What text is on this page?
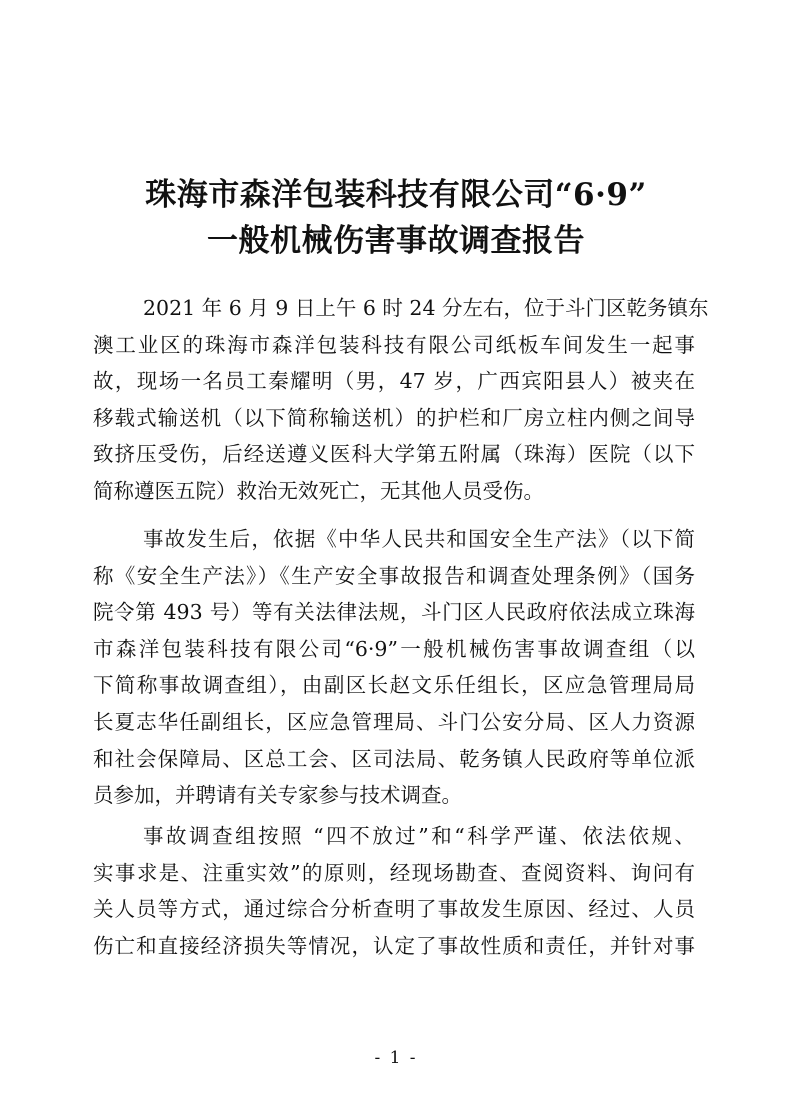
珠海市森洋包装科技有限公司“6·9”
一般机械伤害事故调查报告

2021 年 6 月 9 日上午 6 时 24 分左右，位于斗门区乾务镇东
澳工业区的珠海市森洋包装科技有限公司纸板车间发生一起事
故，现场一名员工秦耀明（男，47 岁，广西宾阳县人）被夹在
移载式输送机（以下简称输送机）的护栏和厂房立柱内侧之间导
致挤压受伤，后经送遵义医科大学第五附属（珠海）医院（以下
简称遵医五院）救治无效死亡，无其他人员受伤。

事故发生后，依据《中华人民共和国安全生产法》（以下简
称《安全生产法》）《生产安全事故报告和调查处理条例》（国务
院令第 493 号）等有关法律法规，斗门区人民政府依法成立珠海
市森洋包装科技有限公司“6·9”一般机械伤害事故调查组（以
下简称事故调查组），由副区长赵文乐任组长，区应急管理局局
长夏志华任副组长，区应急管理局、斗门公安分局、区人力资源
和社会保障局、区总工会、区司法局、乾务镇人民政府等单位派
员参加，并聘请有关专家参与技术调查。

事故调查组按照 “四不放过”和“科学严谨、依法依规、
实事求是、注重实效”的原则，经现场勘查、查阅资料、询问有
关人员等方式，通过综合分析查明了事故发生原因、经过、人员
伤亡和直接经济损失等情况，认定了事故性质和责任，并针对事

- 1 -
